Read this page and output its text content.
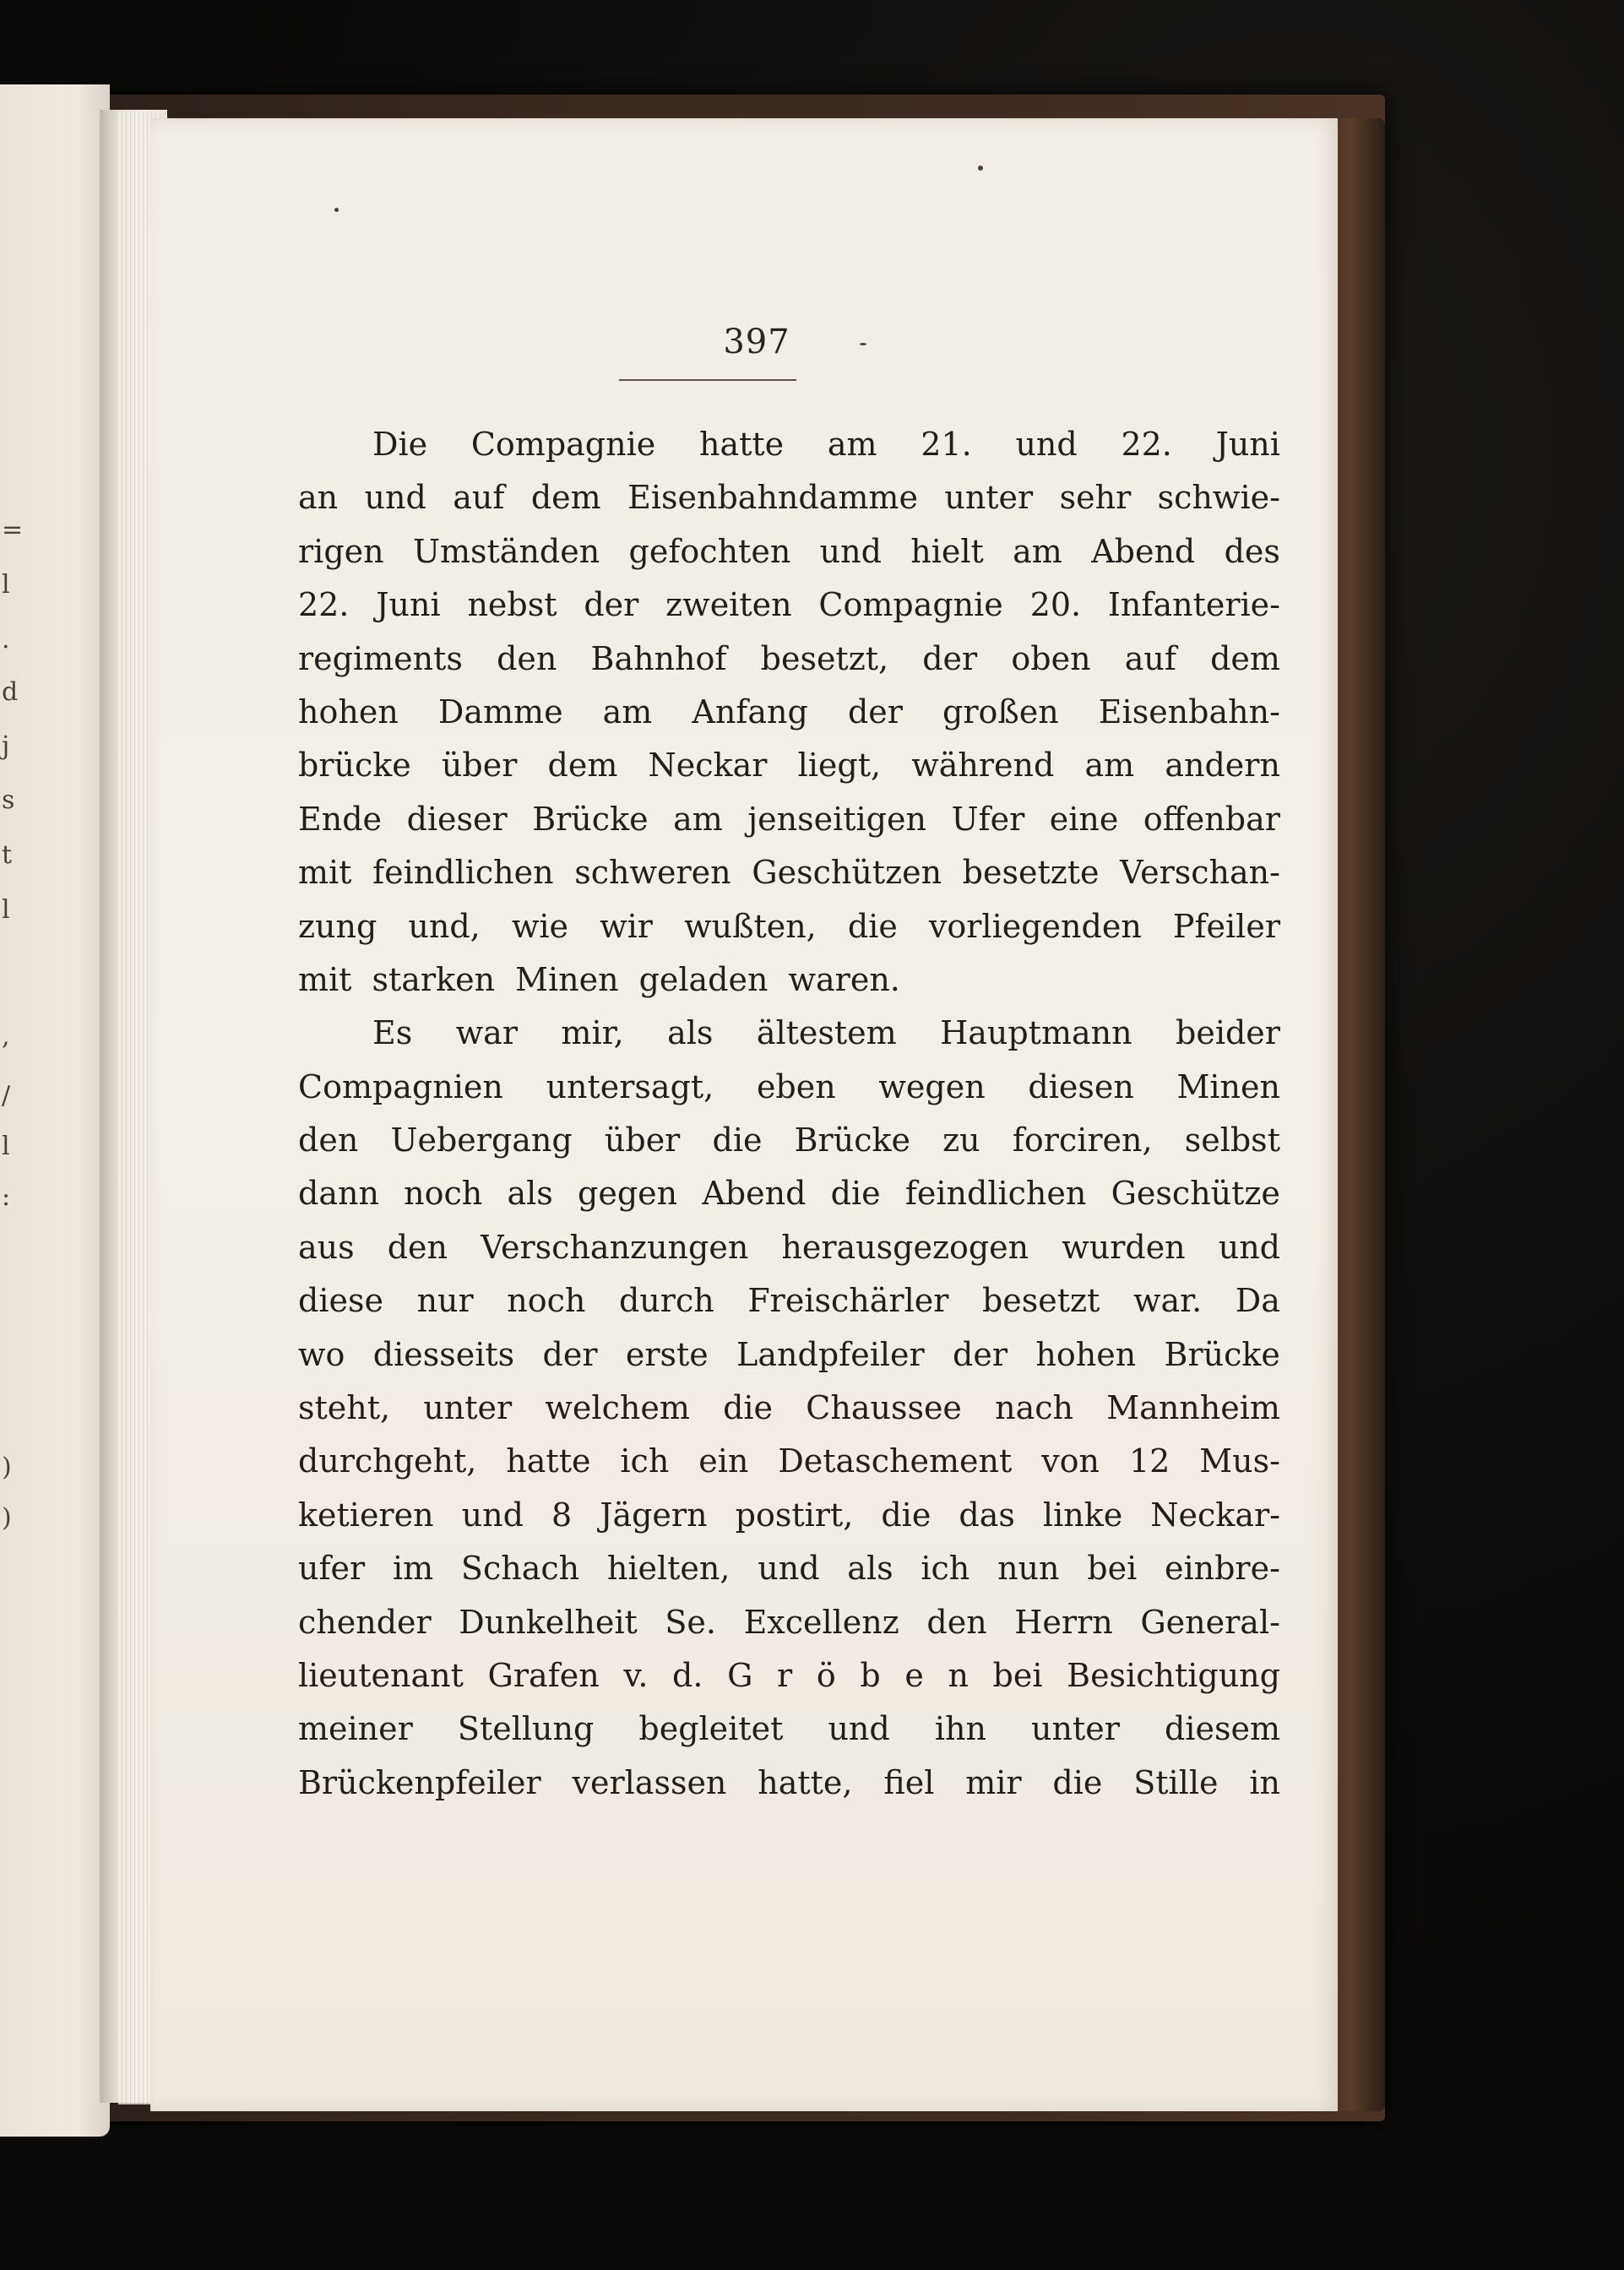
=
l
.
d
j
s
t
l
,
/
l
:
)
)
397
Die Compagnie hatte am 21. und 22. Juni
an und auf dem Eisenbahndamme unter sehr schwie-
rigen Umständen gefochten und hielt am Abend des
22. Juni nebst der zweiten Compagnie 20. Infanterie-
regiments den Bahnhof besetzt, der oben auf dem
hohen Damme am Anfang der großen Eisenbahn-
brücke über dem Neckar liegt, während am andern
Ende dieser Brücke am jenseitigen Ufer eine offenbar
mit feindlichen schweren Geschützen besetzte Verschan-
zung und, wie wir wußten, die vorliegenden Pfeiler
mit starken Minen geladen waren.
Es war mir, als ältestem Hauptmann beider
Compagnien untersagt, eben wegen diesen Minen
den Uebergang über die Brücke zu forciren, selbst
dann noch als gegen Abend die feindlichen Geschütze
aus den Verschanzungen herausgezogen wurden und
diese nur noch durch Freischärler besetzt war. Da
wo diesseits der erste Landpfeiler der hohen Brücke
steht, unter welchem die Chaussee nach Mannheim
durchgeht, hatte ich ein Detaschement von 12 Mus-
ketieren und 8 Jägern postirt, die das linke Neckar-
ufer im Schach hielten, und als ich nun bei einbre-
chender Dunkelheit Se. Excellenz den Herrn General-
lieutenant Grafen v. d. G r ö b e n bei Besichtigung
meiner Stellung begleitet und ihn unter diesem
Brückenpfeiler verlassen hatte, fiel mir die Stille in
